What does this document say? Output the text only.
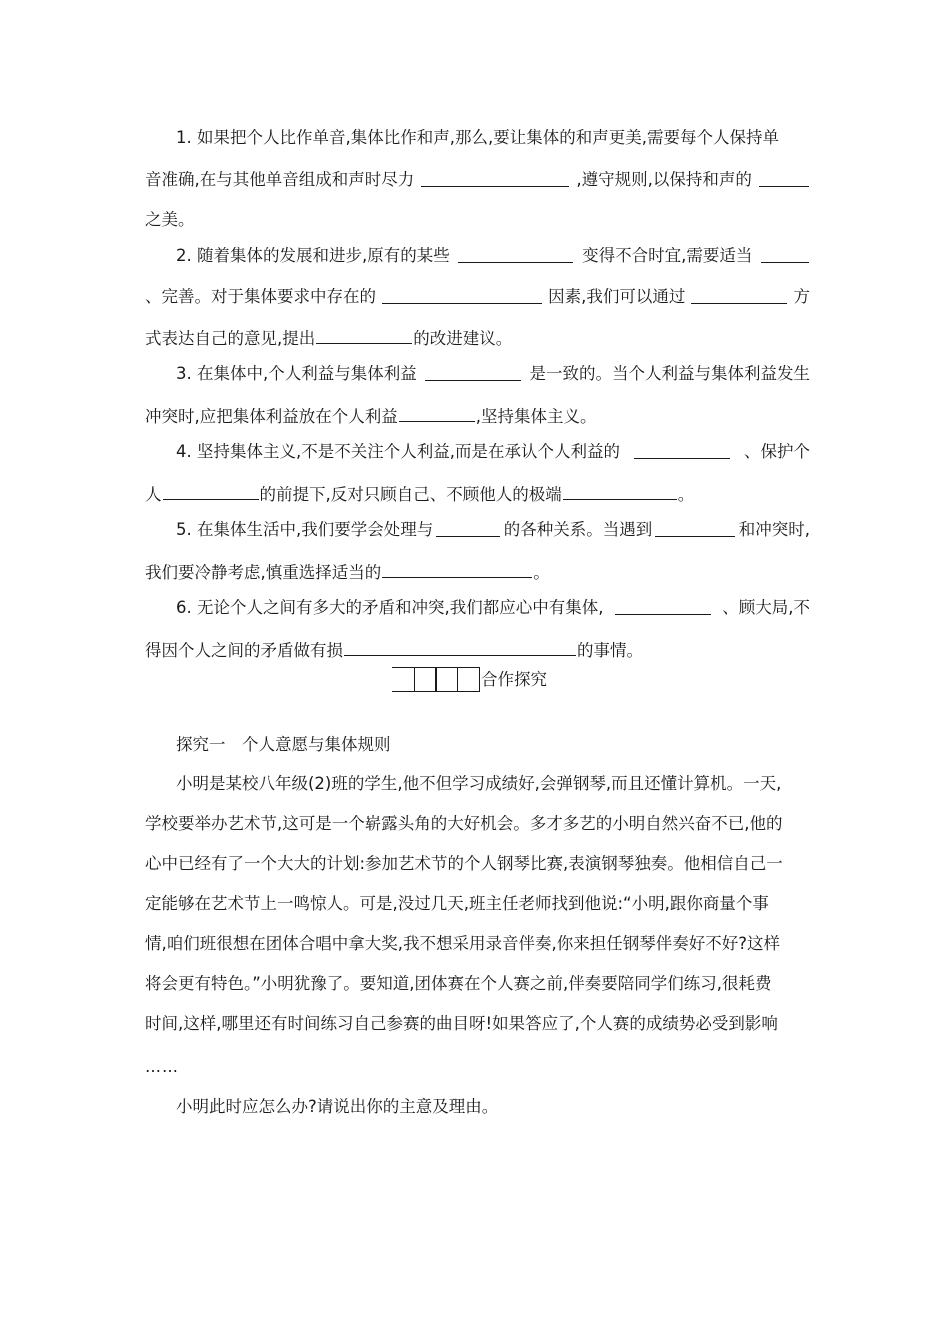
1. 如果把个人比作单音,集体比作和声,那么,要让集体的和声更美,需要每个人保持单
音准确,在与其他单音组成和声时尽力	,遵守规则,以保持和声的
之美。
2. 随着集体的发展和进步,原有的某些	变得不合时宜,需要适当
、完善。对于集体要求中存在的	因素,我们可以通过	方
式表达自己的意见,提出	的改进建议。
3. 在集体中,个人利益与集体利益	是一致的。当个人利益与集体利益发生
冲突时,应把集体利益放在个人利益	,坚持集体主义。
4. 坚持集体主义,不是不关注个人利益,而是在承认个人利益的	、保护个
人	的前提下,反对只顾自己、不顾他人的极端	。
5. 在集体生活中,我们要学会处理与	的各种关系。当遇到	和冲突时,
我们要冷静考虑,慎重选择适当的	。
6. 无论个人之间有多大的矛盾和冲突,我们都应心中有集体,	、顾大局,不
得因个人之间的矛盾做有损	的事情。
合作探究
探究一　个人意愿与集体规则
小明是某校八年级(2)班的学生,他不但学习成绩好,会弹钢琴,而且还懂计算机。一天,
学校要举办艺术节,这可是一个崭露头角的大好机会。多才多艺的小明自然兴奋不已,他的
心中已经有了一个大大的计划:参加艺术节的个人钢琴比赛,表演钢琴独奏。他相信自己一
定能够在艺术节上一鸣惊人。可是,没过几天,班主任老师找到他说:“小明,跟你商量个事
情,咱们班很想在团体合唱中拿大奖,我不想采用录音伴奏,你来担任钢琴伴奏好不好?这样
将会更有特色。”小明犹豫了。要知道,团体赛在个人赛之前,伴奏要陪同学们练习,很耗费
时间,这样,哪里还有时间练习自己参赛的曲目呀!如果答应了,个人赛的成绩势必受到影响
……
小明此时应怎么办?请说出你的主意及理由。
